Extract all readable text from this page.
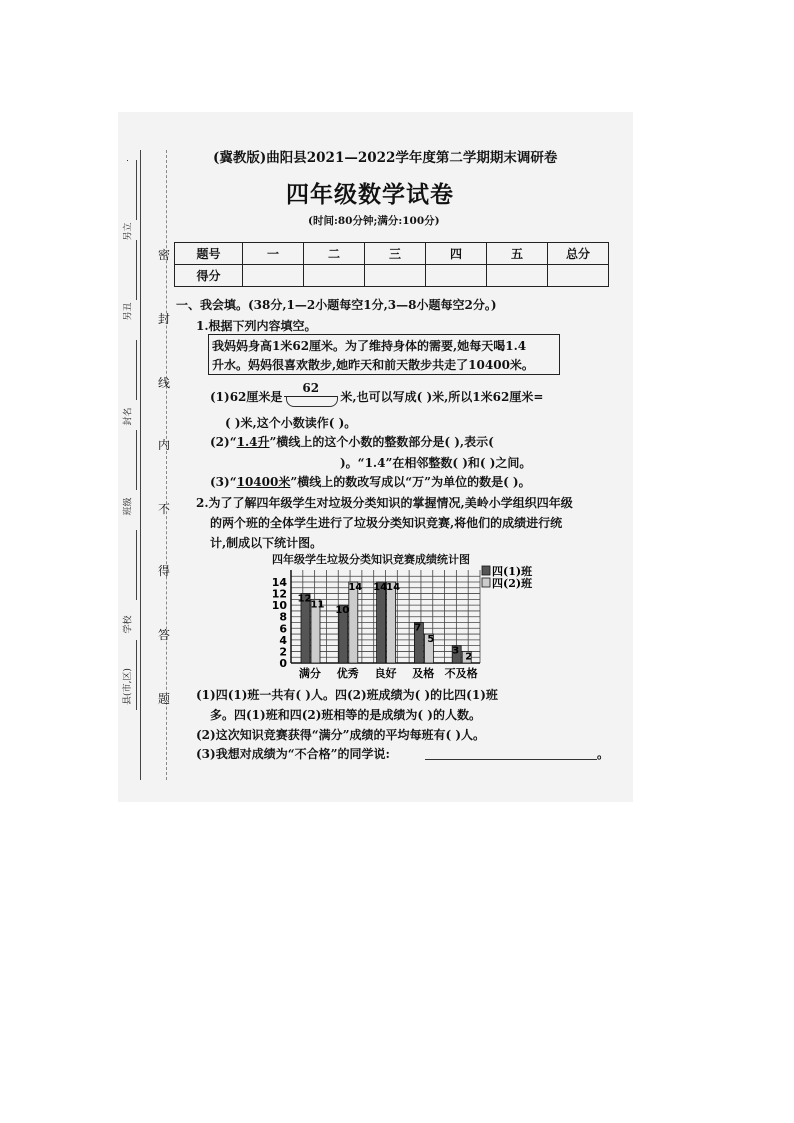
另立
另丑
封名
班级
学校
县(市,区)
密
封
线
内
不
得
答
题
(冀教版)曲阳县2021—2022学年度第二学期期末调研卷
四年级数学试卷
(时间:80分钟;满分:100分)
题号	一	二	三	四	五	总分
得分						
一、我会填。(38分,1—2小题每空1分,3—8小题每空2分。)
1.根据下列内容填空。
我妈妈身高1米62厘米。为了维持身体的需要,她每天喝1.4
升水。妈妈很喜欢散步,她昨天和前天散步共走了10400米。
(1)62厘米是
62
米,也可以写成( )米,所以1米62厘米=
( )米,这个小数读作( )。
(2)“1.4升”横线上的这个小数的整数部分是( ),表示(
)。“1.4”在相邻整数( )和( )之间。
(3)“10400米”横线上的数改写成以“万”为单位的数是( )。
2.为了了解四年级学生对垃圾分类知识的掌握情况,美岭小学组织四年级
的两个班的全体学生进行了垃圾分类知识竞赛,将他们的成绩进行统
计,制成以下统计图。
四年级学生垃圾分类知识竞赛成绩统计图
0
2
4
6
8
10
12
14
12
11
10
14 14 14
7
5
3
2
满分 优秀 良好 及格 不及格
四(1)班
四(2)班
(1)四(1)班一共有( )人。四(2)班成绩为( )的比四(1)班
多。四(1)班和四(2)班相等的是成绩为( )的人数。
(2)这次知识竞赛获得“满分”成绩的平均每班有( )人。
(3)我想对成绩为“不合格”的同学说:	。
